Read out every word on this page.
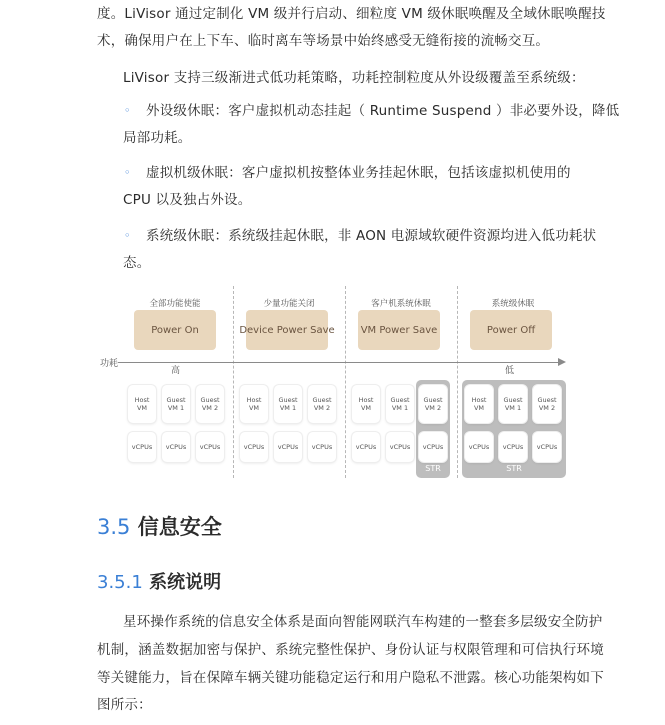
度。LiVisor 通过定制化 VM 级并行启动、细粒度 VM 级休眠唤醒及全域休眠唤醒技
术，确保用户在上下车、临时离车等场景中始终感受无缝衔接的流畅交互。
LiVisor 支持三级渐进式低功耗策略，功耗控制粒度从外设级覆盖至系统级：
◦ 外设级休眠：客户虚拟机动态挂起（ Runtime Suspend ）非必要外设，降低
局部功耗。
◦ 虚拟机级休眠：客户虚拟机按整体业务挂起休眠，包括该虚拟机使用的
CPU 以及独占外设。
◦ 系统级休眠：系统级挂起休眠，非 AON 电源域软硬件资源均进入低功耗状
态。
全部功能使能	少量功能关闭	客户机系统休眠	系统级休眠
Power On	Device Power Save	VM Power Save	Power Off
功耗
高	低
STR	STR
Host
VM
Guest
VM 1
Guest
VM 2
vCPUs	vCPUs	vCPUs
Host
VM
Guest
VM 1
Guest
VM 2
vCPUs	vCPUs	vCPUs
Host
VM
Guest
VM 1
Guest
VM 2
vCPUs	vCPUs	vCPUs
Host
VM
Guest
VM 1
Guest
VM 2
vCPUs	vCPUs	vCPUs
3.5 信息安全
3.5.1 系统说明
星环操作系统的信息安全体系是面向智能网联汽车构建的一整套多层级安全防护
机制，涵盖数据加密与保护、系统完整性保护、身份认证与权限管理和可信执行环境
等关键能力，旨在保障车辆关键功能稳定运行和用户隐私不泄露。核心功能架构如下
图所示：
